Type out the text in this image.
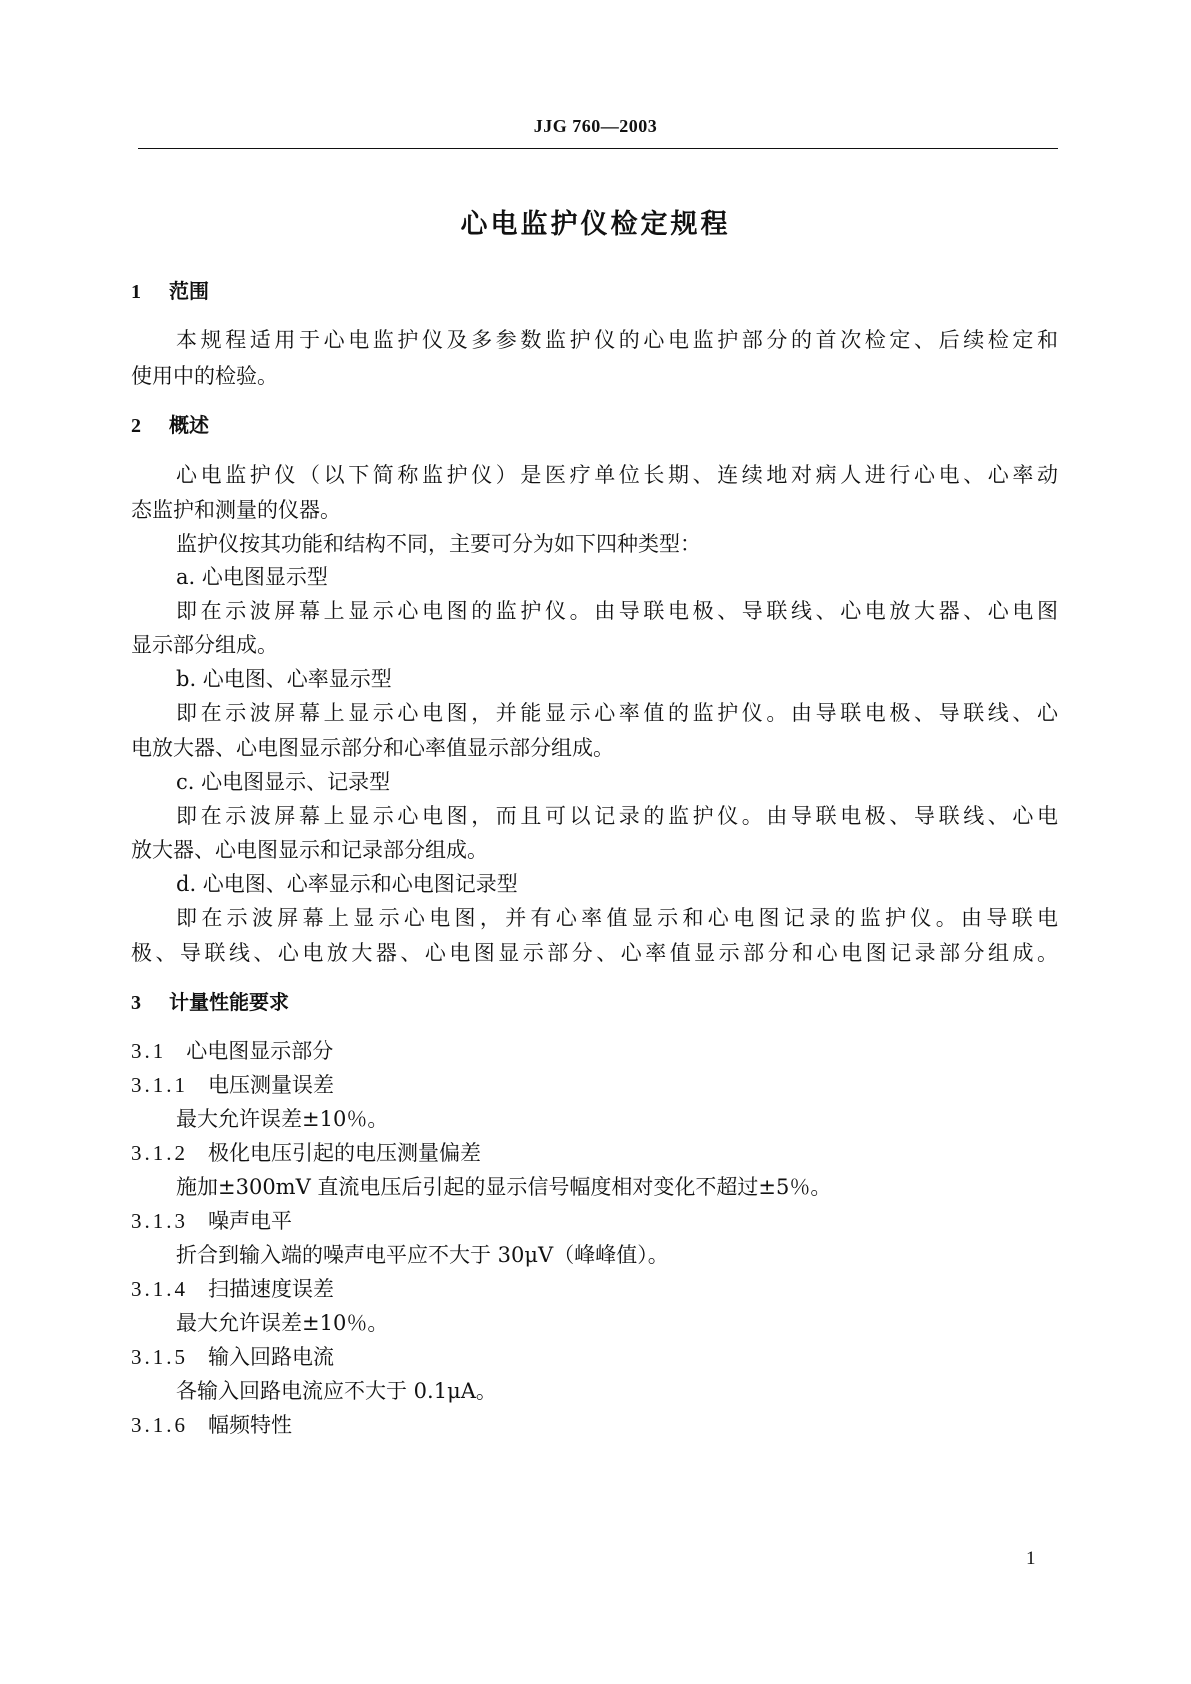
JJG 760—2003
心电监护仪检定规程
1 范围
本规程适用于心电监护仪及多参数监护仪的心电监护部分的首次检定、后续检定和
使用中的检验。
2 概述
心电监护仪（以下简称监护仪）是医疗单位长期、连续地对病人进行心电、心率动
态监护和测量的仪器。
监护仪按其功能和结构不同，主要可分为如下四种类型：
a. 心电图显示型
即在示波屏幕上显示心电图的监护仪。由导联电极、导联线、心电放大器、心电图
显示部分组成。
b. 心电图、心率显示型
即在示波屏幕上显示心电图，并能显示心率值的监护仪。由导联电极、导联线、心
电放大器、心电图显示部分和心率值显示部分组成。
c. 心电图显示、记录型
即在示波屏幕上显示心电图，而且可以记录的监护仪。由导联电极、导联线、心电
放大器、心电图显示和记录部分组成。
d. 心电图、心率显示和心电图记录型
即在示波屏幕上显示心电图，并有心率值显示和心电图记录的监护仪。由导联电
极、导联线、心电放大器、心电图显示部分、心率值显示部分和心电图记录部分组成。
3 计量性能要求
3.1 心电图显示部分
3.1.1 电压测量误差
最大允许误差±10％。
3.1.2 极化电压引起的电压测量偏差
施加±300mV 直流电压后引起的显示信号幅度相对变化不超过±5％。
3.1.3 噪声电平
折合到输入端的噪声电平应不大于 30μV（峰峰值）。
3.1.4 扫描速度误差
最大允许误差±10％。
3.1.5 输入回路电流
各输入回路电流应不大于 0.1μA。
3.1.6 幅频特性
1
